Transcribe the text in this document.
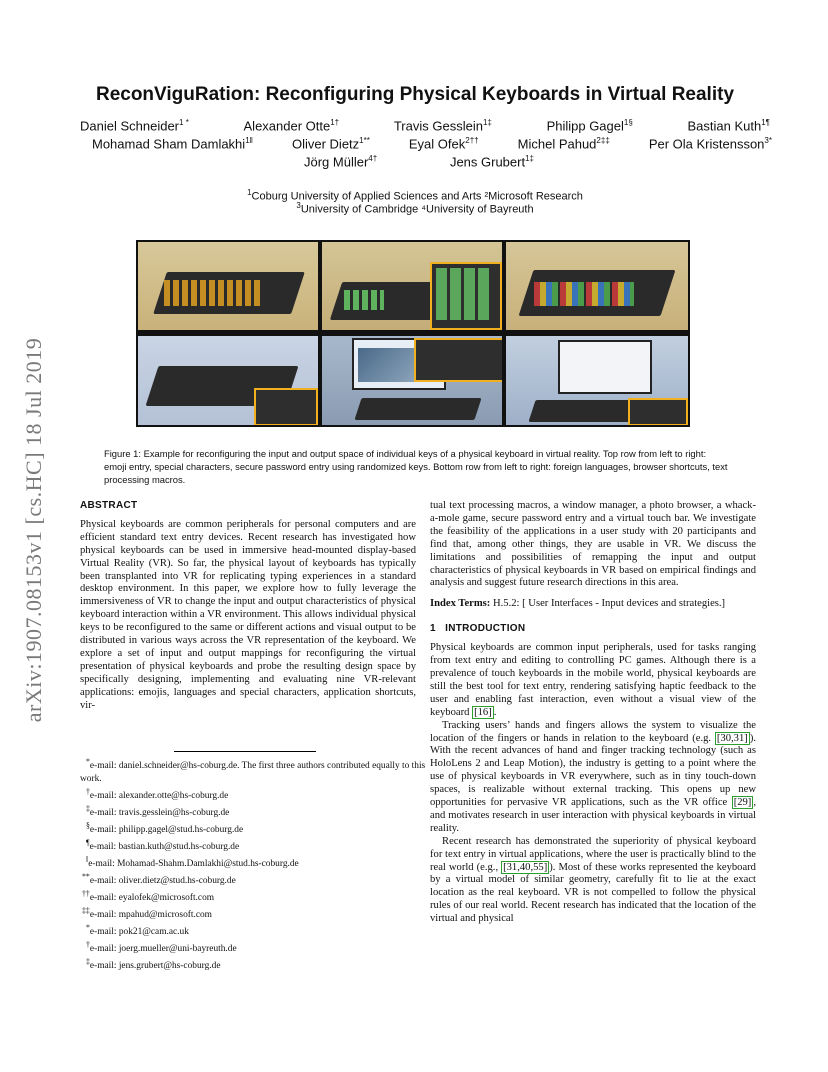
arXiv:1907.08153v1 [cs.HC] 18 Jul 2019
ReconViguRation: Reconfiguring Physical Keyboards in Virtual Reality
Daniel Schneider$^{1 *}$	Alexander Otte$^{1\dagger}$	Travis Gesslein$^{1\ddagger}$	Philipp Gagel$^{1\S}$	Bastian Kuth$^{1\P}$
Mohamad Sham Damlakhi$^{1‖}$	Oliver Dietz$^{1**}$	Eyal Ofek$^{2\dagger\dagger}$	Michel Pahud$^{2\ddagger\ddagger}$	Per Ola Kristensson$^{3*}$
Jörg Müller$^{4\dagger}$	Jens Grubert$^{1\ddagger}$
$^1$Coburg University of Applied Sciences and Arts ²Microsoft Research
$^3$University of Cambridge ⁴University of Bayreuth
Figure 1: Example for reconfiguring the input and output space of individual keys of a physical keyboard in virtual reality. Top row from left to right: emoji entry, special characters, secure password entry using randomized keys. Bottom row from left to right: foreign languages, browser shortcuts, text processing macros.

ABSTRACT

Physical keyboards are common peripherals for personal computers and are efficient standard text entry devices. Recent research has investigated how physical keyboards can be used in immersive head-mounted display-based Virtual Reality (VR). So far, the physical layout of keyboards has typically been transplanted into VR for replicating typing experiences in a standard desktop environment. In this paper, we explore how to fully leverage the immersiveness of VR to change the input and output characteristics of physical keyboard interaction within a VR environment. This allows individual physical keys to be reconfigured to the same or different actions and visual output to be distributed in various ways across the VR representation of the keyboard. We explore a set of input and output mappings for reconfiguring the virtual presentation of physical keyboards and probe the resulting design space by specifically designing, implementing and evaluating nine VR-relevant applications: emojis, languages and special characters, application shortcuts, vir-

*e-mail: daniel.schneider@hs-coburg.de. The first three authors contributed equally to this work.
†e-mail: alexander.otte@hs-coburg.de
‡e-mail: travis.gesslein@hs-coburg.de
§e-mail: philipp.gagel@stud.hs-coburg.de
¶e-mail: bastian.kuth@stud.hs-coburg.de
‖e-mail: Mohamad-Shahm.Damlakhi@stud.hs-coburg.de
**e-mail: oliver.dietz@stud.hs-coburg.de
††e-mail: eyalofek@microsoft.com
‡‡e-mail: mpahud@microsoft.com
*e-mail: pok21@cam.ac.uk
†e-mail: joerg.mueller@uni-bayreuth.de
‡e-mail: jens.grubert@hs-coburg.de

tual text processing macros, a window manager, a photo browser, a whack-a-mole game, secure password entry and a virtual touch bar. We investigate the feasibility of the applications in a user study with 20 participants and find that, among other things, they are usable in VR. We discuss the limitations and possibilities of remapping the input and output characteristics of physical keyboards in VR based on empirical findings and analysis and suggest future research directions in this area.

Index Terms: H.5.2: [ User Interfaces - Input devices and strategies.]

1 INTRODUCTION

Physical keyboards are common input peripherals, used for tasks ranging from text entry and editing to controlling PC games. Although there is a prevalence of touch keyboards in the mobile world, physical keyboards are still the best tool for text entry, rendering satisfying haptic feedback to the user and enabling fast interaction, even without a visual view of the keyboard [16] .

Tracking users’ hands and fingers allows the system to visualize the location of the fingers or hands in relation to the keyboard (e.g. [30,31] ). With the recent advances of hand and finger tracking technology (such as HoloLens 2 and Leap Motion), the industry is getting to a point where the use of physical keyboards in VR everywhere, such as in tiny touch-down spaces, is realizable without external tracking. This opens up new opportunities for pervasive VR applications, such as the VR office [29] , and motivates research in user interaction with physical keyboards in virtual reality.

Recent research has demonstrated the superiority of physical keyboard for text entry in virtual applications, where the user is practically blind to the real world (e.g., [31,40,55] ). Most of these works represented the keyboard by a virtual model of similar geometry, carefully fit to lie at the exact location as the real keyboard. VR is not compelled to follow the physical rules of our real world. Recent research has indicated that the location of the virtual and physical
